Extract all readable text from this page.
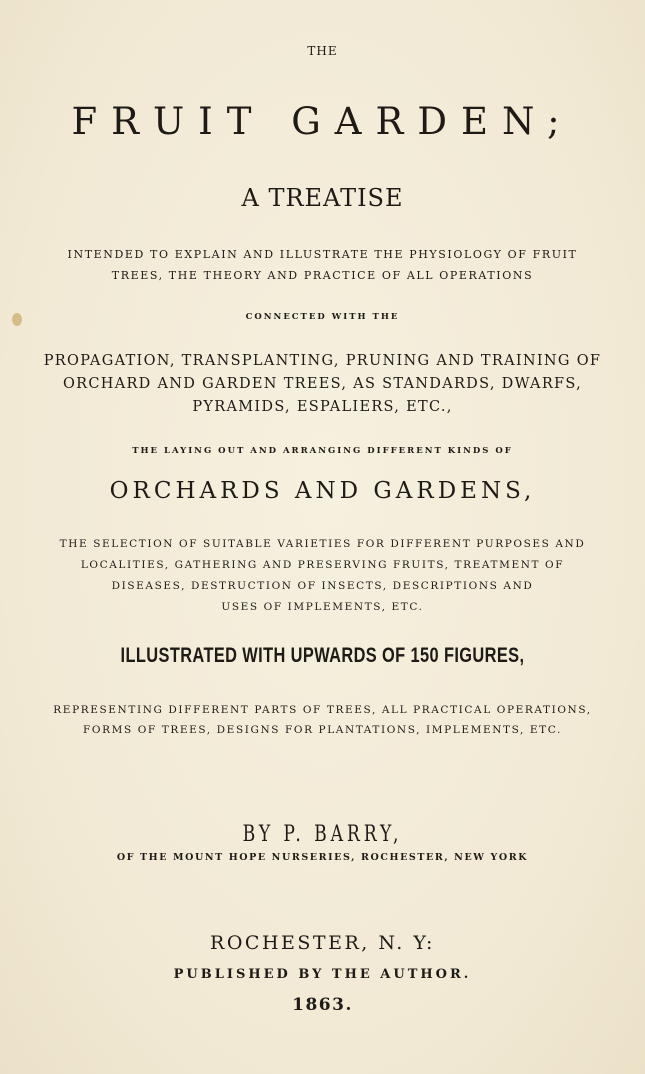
THE

FRUIT GARDEN;

A TREATISE

INTENDED TO EXPLAIN AND ILLUSTRATE THE PHYSIOLOGY OF FRUIT

TREES, THE THEORY AND PRACTICE OF ALL OPERATIONS

CONNECTED WITH THE

PROPAGATION, TRANSPLANTING, PRUNING AND TRAINING OF

ORCHARD AND GARDEN TREES, AS STANDARDS, DWARFS,

PYRAMIDS, ESPALIERS, ETC.,

THE LAYING OUT AND ARRANGING DIFFERENT KINDS OF

ORCHARDS AND GARDENS,

THE SELECTION OF SUITABLE VARIETIES FOR DIFFERENT PURPOSES AND

LOCALITIES, GATHERING AND PRESERVING FRUITS, TREATMENT OF

DISEASES, DESTRUCTION OF INSECTS, DESCRIPTIONS AND

USES OF IMPLEMENTS, ETC.

ILLUSTRATED WITH UPWARDS OF 150 FIGURES,

REPRESENTING DIFFERENT PARTS OF TREES, ALL PRACTICAL OPERATIONS,

FORMS OF TREES, DESIGNS FOR PLANTATIONS, IMPLEMENTS, ETC.

BY P. BARRY,

OF THE MOUNT HOPE NURSERIES, ROCHESTER, NEW YORK

ROCHESTER, N. Y:

PUBLISHED BY THE AUTHOR.

1863.
